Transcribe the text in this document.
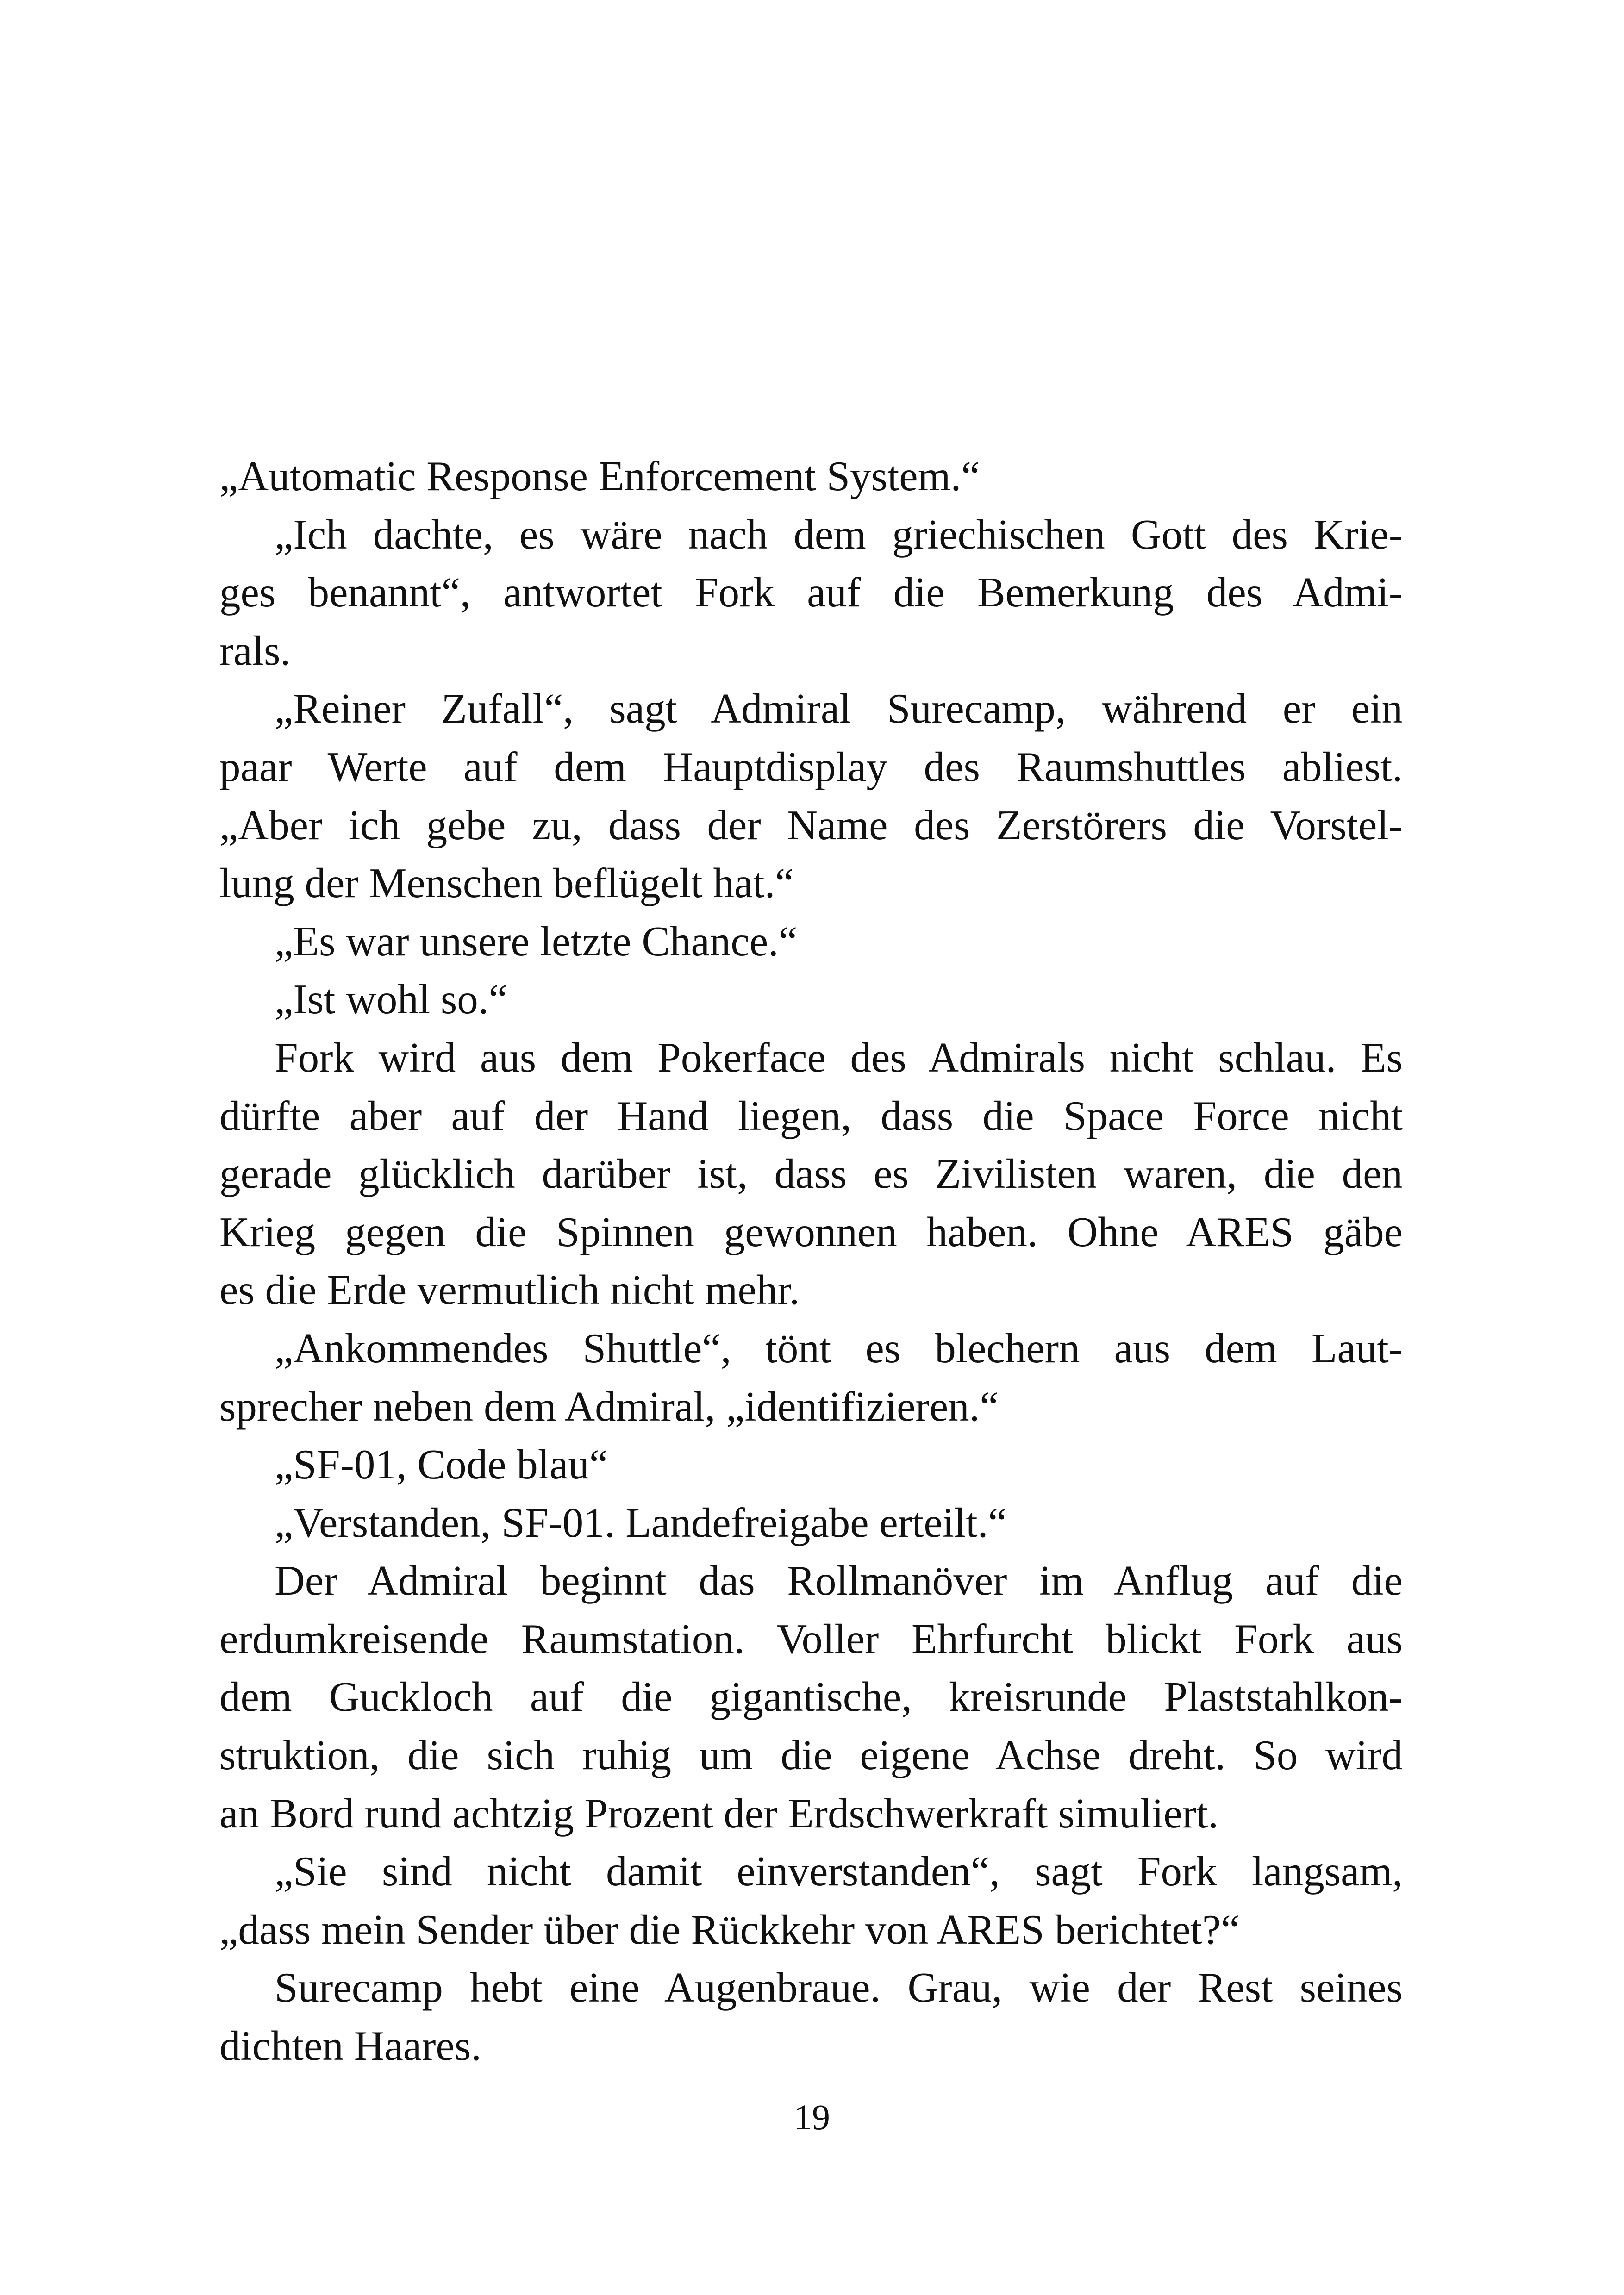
„Automatic Response Enforcement System.“
„Ich dachte, es wäre nach dem griechischen Gott des Krie-
ges benannt“, antwortet Fork auf die Bemerkung des Admi-
rals.
„Reiner Zufall“, sagt Admiral Surecamp, während er ein
paar Werte auf dem Hauptdisplay des Raumshuttles abliest.
„Aber ich gebe zu, dass der Name des Zerstörers die Vorstel-
lung der Menschen beflügelt hat.“
„Es war unsere letzte Chance.“
„Ist wohl so.“
Fork wird aus dem Pokerface des Admirals nicht schlau. Es
dürfte aber auf der Hand liegen, dass die Space Force nicht
gerade glücklich darüber ist, dass es Zivilisten waren, die den
Krieg gegen die Spinnen gewonnen haben. Ohne ARES gäbe
es die Erde vermutlich nicht mehr.
„Ankommendes Shuttle“, tönt es blechern aus dem Laut-
sprecher neben dem Admiral, „identifizieren.“
„SF-01, Code blau“
„Verstanden, SF-01. Landefreigabe erteilt.“
Der Admiral beginnt das Rollmanöver im Anflug auf die
erdumkreisende Raumstation. Voller Ehrfurcht blickt Fork aus
dem Guckloch auf die gigantische, kreisrunde Plaststahlkon-
struktion, die sich ruhig um die eigene Achse dreht. So wird
an Bord rund achtzig Prozent der Erdschwerkraft simuliert.
„Sie sind nicht damit einverstanden“, sagt Fork langsam,
„dass mein Sender über die Rückkehr von ARES berichtet?“
Surecamp hebt eine Augenbraue. Grau, wie der Rest seines
dichten Haares.
19
